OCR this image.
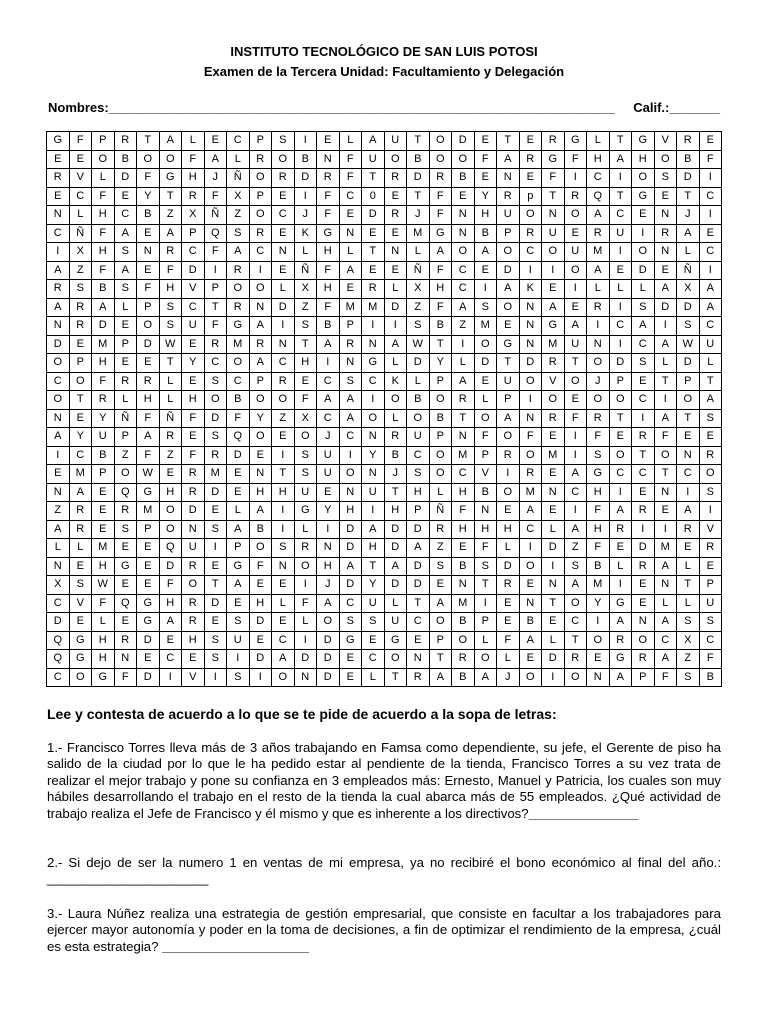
INSTITUTO TECNOLÓGICO DE SAN LUIS POTOSI
Examen de la Tercera Unidad: Facultamiento y Delegación
Nombres:______________________________________________________________________ Calif.:_______
G	F	P	R	T	A	L	E	C	P	S	I	E	L	A	U	T	O	D	E	T	E	R	G	L	T	G	V	R	E
E	E	O	B	O	O	F	A	L	R	O	B	N	F	U	O	B	O	O	F	A	R	G	F	H	A	H	O	B	F
R	V	L	D	F	G	H	J	Ñ	O	R	D	R	F	T	R	D	R	B	E	N	E	F	I	C	I	O	S	D	I
E	C	F	E	Y	T	R	F	X	P	E	I	F	C	0	E	T	F	E	Y	R	p	T	R	Q	T	G	E	T	C
N	L	H	C	B	Z	X	Ñ	Z	O	C	J	F	E	D	R	J	F	N	H	U	O	N	O	A	C	E	N	J	I
C	Ñ	F	A	E	A	P	Q	S	R	E	K	G	N	E	E	M	G	N	B	P	R	U	E	R	U	I	R	A	E
I	X	H	S	N	R	C	F	A	C	N	L	H	L	T	N	L	A	O	A	O	C	O	U	M	I	O	N	L	C
A	Z	F	A	E	F	D	I	R	I	E	Ñ	F	A	E	E	Ñ	F	C	E	D	I	I	O	A	E	D	E	Ñ	I
R	S	B	S	F	H	V	P	O	O	L	X	H	E	R	L	X	H	C	I	A	K	E	I	L	L	L	A	X	A
A	R	A	L	P	S	C	T	R	N	D	Z	F	M	M	D	Z	F	A	S	O	N	A	E	R	I	S	D	D	A
N	R	D	E	O	S	U	F	G	A	I	S	B	P	I	I	S	B	Z	M	E	N	G	A	I	C	A	I	S	C
D	E	M	P	D	W	E	R	M	R	N	T	A	R	N	A	W	T	I	O	G	N	M	U	N	I	C	A	W	U
O	P	H	E	E	T	Y	C	O	A	C	H	I	N	G	L	D	Y	L	D	T	D	R	T	O	D	S	L	D	L
C	O	F	R	R	L	E	S	C	P	R	E	C	S	C	K	L	P	A	E	U	O	V	O	J	P	E	T	P	T
O	T	R	L	H	L	H	O	B	O	O	F	A	A	I	O	B	O	R	L	P	I	O	E	O	O	C	I	O	A
N	E	Y	Ñ	F	Ñ	F	D	F	Y	Z	X	C	A	O	L	O	B	T	O	A	N	R	F	R	T	I	A	T	S
A	Y	U	P	A	R	E	S	Q	O	E	O	J	C	N	R	U	P	N	F	O	F	E	I	F	E	R	F	E	E
I	C	B	Z	F	Z	F	R	D	E	I	S	U	I	Y	B	C	O	M	P	R	O	M	I	S	O	T	O	N	R
E	M	P	O	W	E	R	M	E	N	T	S	U	O	N	J	S	O	C	V	I	R	E	A	G	C	C	T	C	O
N	A	E	Q	G	H	R	D	E	H	H	U	E	N	U	T	H	L	H	B	O	M	N	C	H	I	E	N	I	S
Z	R	E	R	M	O	D	E	L	A	I	G	Y	H	I	H	P	Ñ	F	N	E	A	E	I	F	A	R	E	A	I
A	R	E	S	P	O	N	S	A	B	I	L	I	D	A	D	D	R	H	H	H	C	L	A	H	R	I	I	R	V
L	L	M	E	E	Q	U	I	P	O	S	R	N	D	H	D	A	Z	E	F	L	I	D	Z	F	E	D	M	E	R
N	E	H	G	E	D	R	E	G	F	N	O	H	A	T	A	D	S	B	S	D	O	I	S	B	L	R	A	L	E
X	S	W	E	E	F	O	T	A	E	E	I	J	D	Y	D	D	E	N	T	R	E	N	A	M	I	E	N	T	P
C	V	F	Q	G	H	R	D	E	H	L	F	A	C	U	L	T	A	M	I	E	N	T	O	Y	G	E	L	L	U
D	E	L	E	G	A	R	E	S	D	E	L	O	S	S	U	C	O	B	P	E	B	E	C	I	A	N	A	S	S
Q	G	H	R	D	E	H	S	U	E	C	I	D	G	E	G	E	P	O	L	F	A	L	T	O	R	O	C	X	C
Q	G	H	N	E	C	E	S	I	D	A	D	D	E	C	O	N	T	R	O	L	E	D	R	E	G	R	A	Z	F
C	O	G	F	D	I	V	I	S	I	O	N	D	E	L	T	R	A	B	A	J	O	I	O	N	A	P	F	S	B
Lee y contesta de acuerdo a lo que se te pide de acuerdo a la sopa de letras:

1.- Francisco Torres lleva más de 3 años trabajando en Famsa como dependiente, su jefe, el Gerente de piso ha salido de la ciudad por lo que le ha pedido estar al pendiente de la tienda, Francisco Torres a su vez trata de realizar el mejor trabajo y pone su confianza en 3 empleados más: Ernesto, Manuel y Patricia, los cuales son muy hábiles desarrollando el trabajo en el resto de la tienda la cual abarca más de 55 empleados. ¿Qué actividad de trabajo realiza el Jefe de Francisco y él mismo y que es inherente a los directivos?_______________

2.- Si dejo de ser la numero 1 en ventas de mi empresa, ya no recibiré el bono económico al final del año.: ______________________

3.- Laura Núñez realiza una estrategia de gestión empresarial, que consiste en facultar a los trabajadores para ejercer mayor autonomía y poder en la toma de decisiones, a fin de optimizar el rendimiento de la empresa, ¿cuál es esta estrategia? ____________________
